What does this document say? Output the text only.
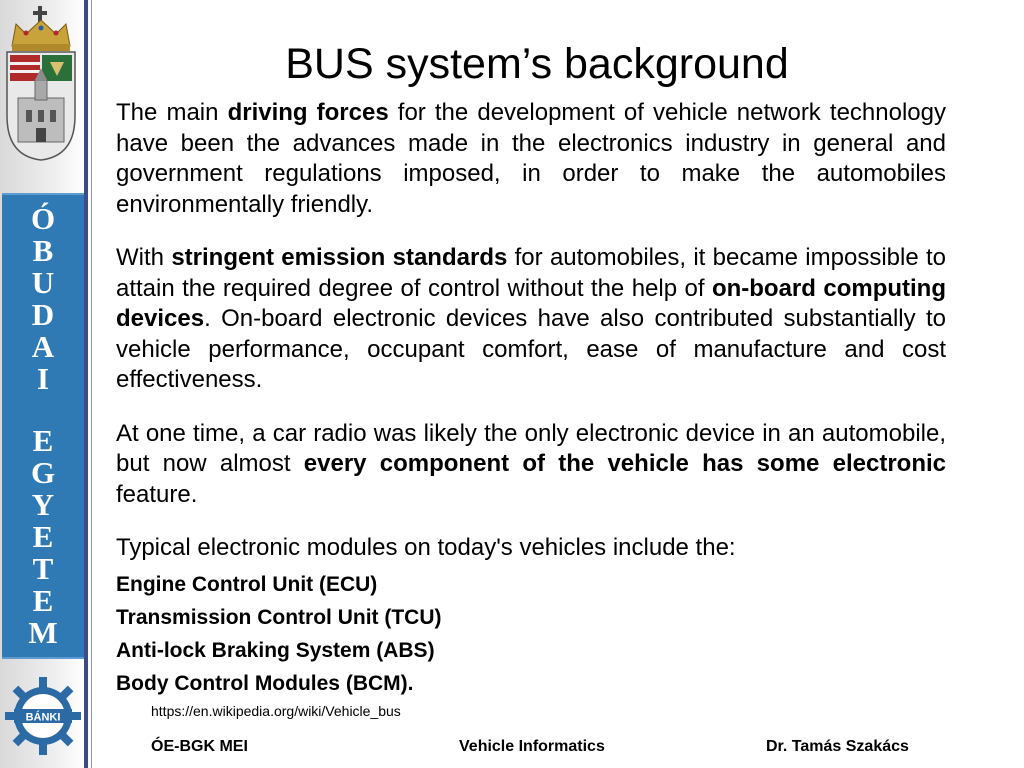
Ó
B
U
D
A
I
E
G
Y
E
T
E
M
BÁNKI
BUS system’s background

The main driving forces for the development of vehicle network technology have been the advances made in the electronics industry in general and government regulations imposed, in order to make the automobiles environmentally friendly.

With stringent emission standards for automobiles, it became impossible to attain the required degree of control without the help of on-board computing devices. On-board electronic devices have also contributed substantially to vehicle performance, occupant comfort, ease of manufacture and cost effectiveness.

At one time, a car radio was likely the only electronic device in an automobile, but now almost every component of the vehicle has some electronic feature.

Typical electronic modules on today's vehicles include the:

Engine Control Unit (ECU)

Transmission Control Unit (TCU)

Anti-lock Braking System (ABS)

Body Control Modules (BCM).

https://en.wikipedia.org/wiki/Vehicle_bus
ÓE-BGK MEI	Vehicle Informatics	Dr. Tamás Szakács
